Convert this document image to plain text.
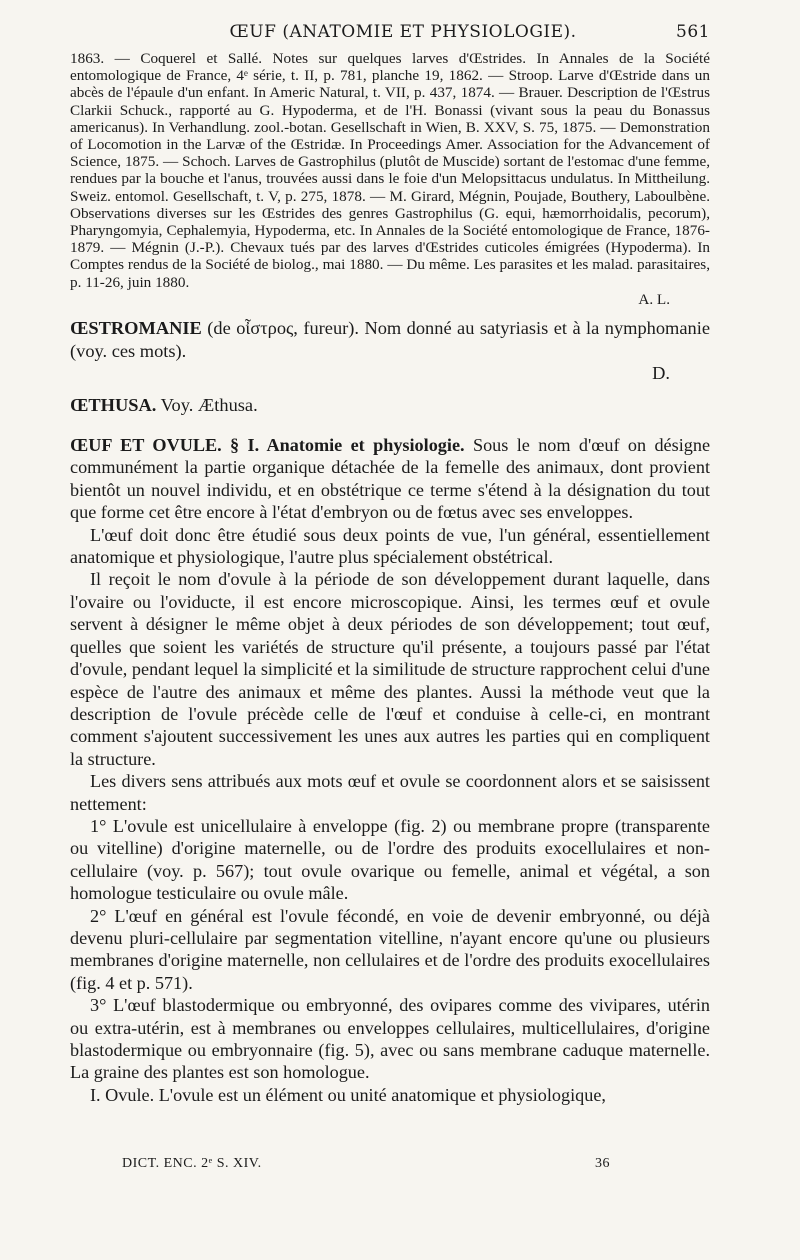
ŒUF (ANATOMIE ET PHYSIOLOGIE).	561

1863. — Coquerel et Sallé. Notes sur quelques larves d'Œstrides. In Annales de la Société entomologique de France, 4ᵉ série, t. II, p. 781, planche 19, 1862. — Stroop. Larve d'Œstride dans un abcès de l'épaule d'un enfant. In Americ Natural, t. VII, p. 437, 1874. — Brauer. Description de l'Œstrus Clarkii Schuck., rapporté au G. Hypoderma, et de l'H. Bonassi (vivant sous la peau du Bonassus americanus). In Verhandlung. zool.-botan. Gesellschaft in Wien, B. XXV, S. 75, 1875. — Demonstration of Locomotion in the Larvæ of the Œstridæ. In Proceedings Amer. Association for the Advancement of Science, 1875. — Schoch. Larves de Gastrophilus (plutôt de Muscide) sortant de l'estomac d'une femme, rendues par la bouche et l'anus, trouvées aussi dans le foie d'un Melopsittacus undulatus. In Mittheilung. Sweiz. entomol. Gesellschaft, t. V, p. 275, 1878. — M. Girard, Mégnin, Poujade, Bouthery, Laboulbène. Observations diverses sur les Œstrides des genres Gastrophilus (G. equi, hæmorrhoidalis, pecorum), Pharyngomyia, Cephalemyia, Hypoderma, etc. In Annales de la Société entomologique de France, 1876-1879. — Mégnin (J.-P.). Chevaux tués par des larves d'Œstrides cuticoles émigrées (Hypoderma). In Comptes rendus de la Société de biolog., mai 1880. — Du même. Les parasites et les malad. parasitaires, p. 11-26, juin 1880.

A. L.

ŒSTROMANIE (de οἶστρος, fureur). Nom donné au satyriasis et à la nymphomanie (voy. ces mots).
D.
ŒTHUSA. Voy. Æthusa.

ŒUF ET OVULE. § I. Anatomie et physiologie. Sous le nom d'œuf on désigne communément la partie organique détachée de la femelle des animaux, dont provient bientôt un nouvel individu, et en obstétrique ce terme s'étend à la désignation du tout que forme cet être encore à l'état d'embryon ou de fœtus avec ses enveloppes.

L'œuf doit donc être étudié sous deux points de vue, l'un général, essentiellement anatomique et physiologique, l'autre plus spécialement obstétrical.

Il reçoit le nom d'ovule à la période de son développement durant laquelle, dans l'ovaire ou l'oviducte, il est encore microscopique. Ainsi, les termes œuf et ovule servent à désigner le même objet à deux périodes de son développement; tout œuf, quelles que soient les variétés de structure qu'il présente, a toujours passé par l'état d'ovule, pendant lequel la simplicité et la similitude de structure rapprochent celui d'une espèce de l'autre des animaux et même des plantes. Aussi la méthode veut que la description de l'ovule précède celle de l'œuf et conduise à celle-ci, en montrant comment s'ajoutent successivement les unes aux autres les parties qui en compliquent la structure.

Les divers sens attribués aux mots œuf et ovule se coordonnent alors et se saisissent nettement:

1° L'ovule est unicellulaire à enveloppe (fig. 2) ou membrane propre (transparente ou vitelline) d'origine maternelle, ou de l'ordre des produits exocellulaires et non-cellulaire (voy. p. 567); tout ovule ovarique ou femelle, animal et végétal, a son homologue testiculaire ou ovule mâle.

2° L'œuf en général est l'ovule fécondé, en voie de devenir embryonné, ou déjà devenu pluri-cellulaire par segmentation vitelline, n'ayant encore qu'une ou plusieurs membranes d'origine maternelle, non cellulaires et de l'ordre des produits exocellulaires (fig. 4 et p. 571).

3° L'œuf blastodermique ou embryonné, des ovipares comme des vivipares, utérin ou extra-utérin, est à membranes ou enveloppes cellulaires, multicellulaires, d'origine blastodermique ou embryonnaire (fig. 5), avec ou sans membrane caduque maternelle. La graine des plantes est son homologue.

I. Ovule. L'ovule est un élément ou unité anatomique et physiologique,

DICT. ENC. 2ᵉ S. XIV.	36
